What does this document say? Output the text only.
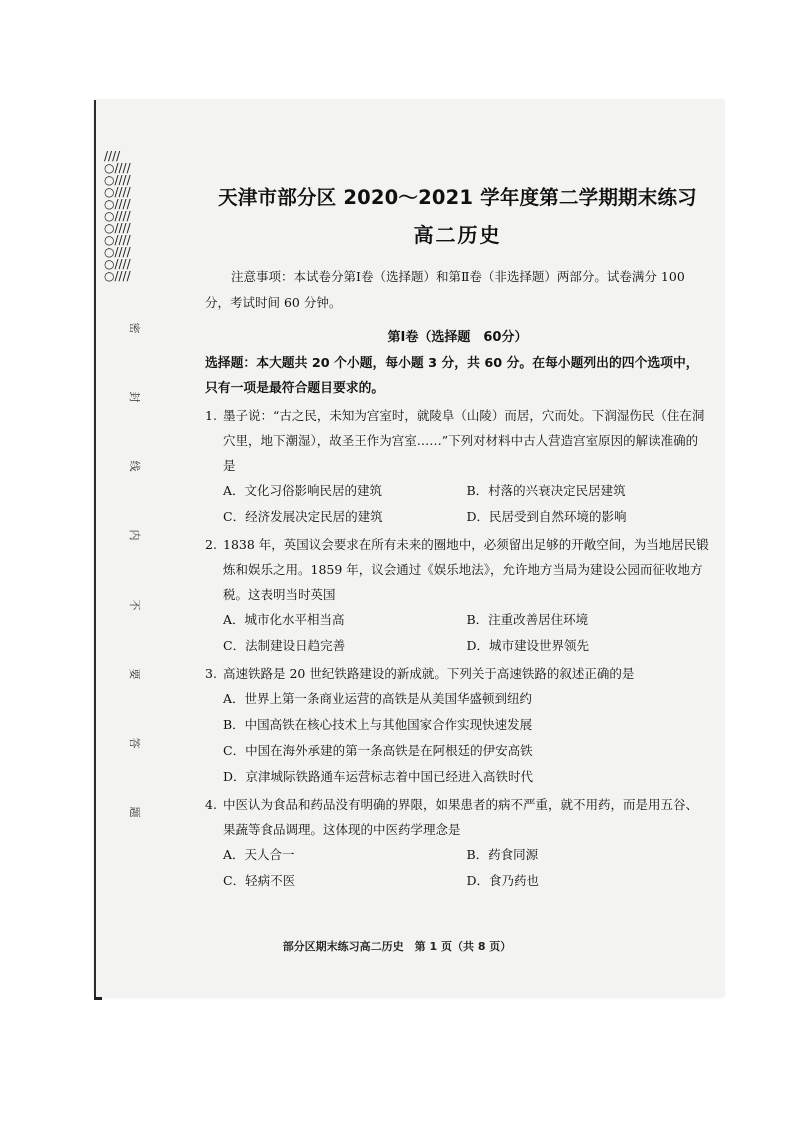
////○////○////○////○////○////○////○////○////○////○////
密
封
线
内
不
要
答
题
天津市部分区 2020～2021 学年度第二学期期末练习
高二历史
注意事项：本试卷分第Ⅰ卷（选择题）和第Ⅱ卷（非选择题）两部分。试卷满分 100 分，考试时间 60 分钟。
第Ⅰ卷（选择题　60分）
选择题：本大题共 20 个小题，每小题 3 分，共 60 分。在每小题列出的四个选项中，只有一项是最符合题目要求的。
1. 墨子说：“古之民，未知为宫室时，就陵阜（山陵）而居，穴而处。下润湿伤民（住在洞穴里，地下潮湿），故圣王作为宫室……”下列对材料中古人营造宫室原因的解读准确的是
A．文化习俗影响民居的建筑	B．村落的兴衰决定民居建筑
C．经济发展决定民居的建筑	D．民居受到自然环境的影响
2. 1838 年，英国议会要求在所有未来的圈地中，必须留出足够的开敞空间，为当地居民锻炼和娱乐之用。1859 年，议会通过《娱乐地法》，允许地方当局为建设公园而征收地方税。这表明当时英国
A．城市化水平相当高	B．注重改善居住环境
C．法制建设日趋完善	D．城市建设世界领先
3. 高速铁路是 20 世纪铁路建设的新成就。下列关于高速铁路的叙述正确的是
A．世界上第一条商业运营的高铁是从美国华盛顿到纽约
B．中国高铁在核心技术上与其他国家合作实现快速发展
C．中国在海外承建的第一条高铁是在阿根廷的伊安高铁
D．京津城际铁路通车运营标志着中国已经进入高铁时代
4. 中医认为食品和药品没有明确的界限，如果患者的病不严重，就不用药，而是用五谷、果蔬等食品调理。这体现的中医药学理念是
A．天人合一	B．药食同源
C．轻病不医	D．食乃药也
部分区期末练习高二历史　第 1 页（共 8 页）
